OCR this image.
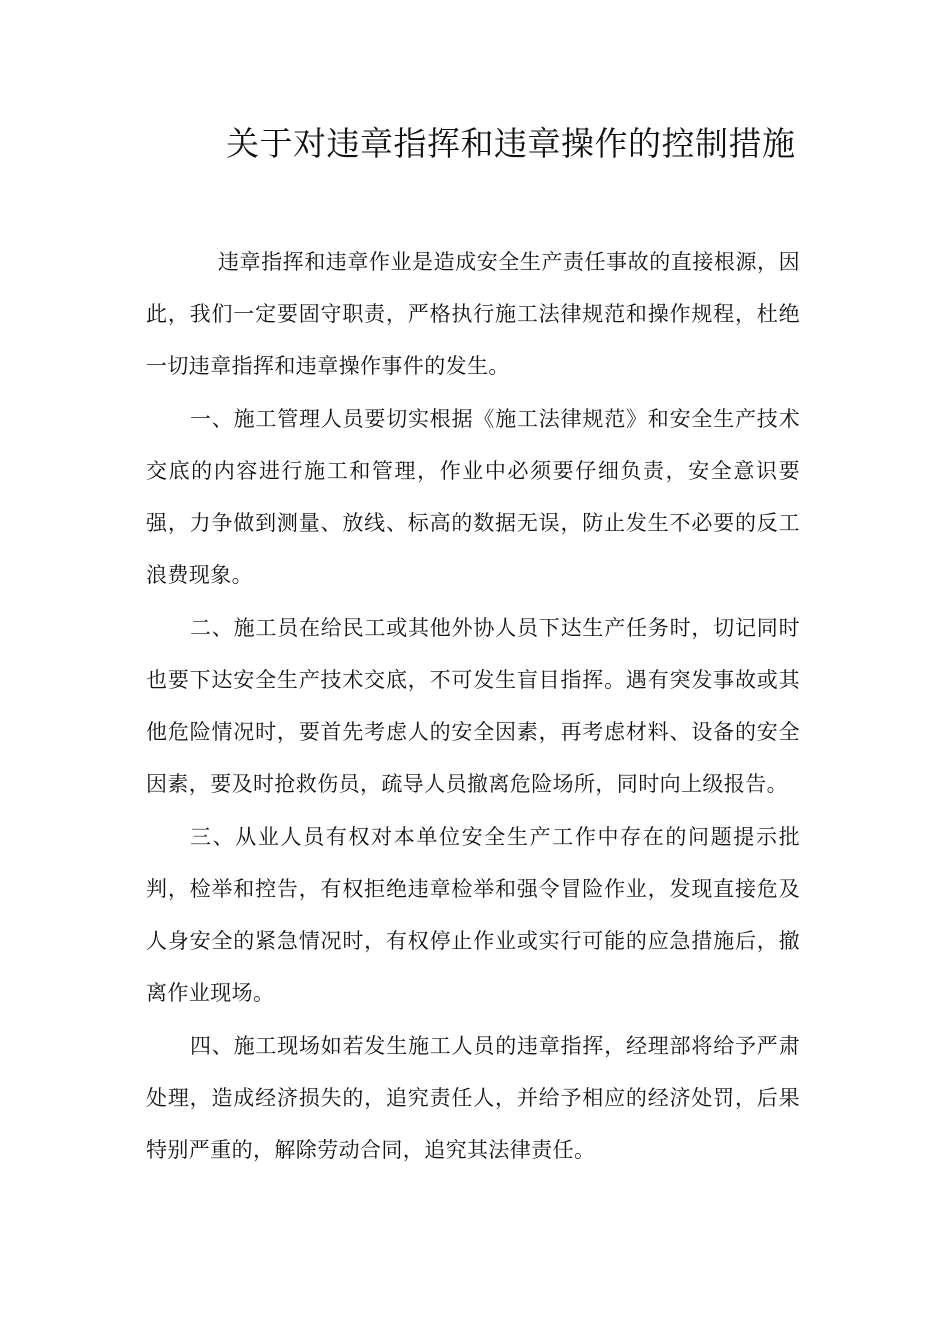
关于对违章指挥和违章操作的控制措施

违章指挥和违章作业是造成安全生产责任事故的直接根源，因此，我们一定要固守职责，严格执行施工法律规范和操作规程，杜绝一切违章指挥和违章操作事件的发生。

一、施工管理人员要切实根据《施工法律规范》和安全生产技术交底的内容进行施工和管理，作业中必须要仔细负责，安全意识要强，力争做到测量、放线、标高的数据无误，防止发生不必要的反工浪费现象。

二、施工员在给民工或其他外协人员下达生产任务时，切记同时也要下达安全生产技术交底，不可发生盲目指挥。遇有突发事故或其他危险情况时，要首先考虑人的安全因素，再考虑材料、设备的安全因素，要及时抢救伤员，疏导人员撤离危险场所，同时向上级报告。

三、从业人员有权对本单位安全生产工作中存在的问题提示批判，检举和控告，有权拒绝违章检举和强令冒险作业，发现直接危及人身安全的紧急情况时，有权停止作业或实行可能的应急措施后，撤离作业现场。

四、施工现场如若发生施工人员的违章指挥，经理部将给予严肃处理，造成经济损失的，追究责任人，并给予相应的经济处罚，后果特别严重的，解除劳动合同，追究其法律责任。
